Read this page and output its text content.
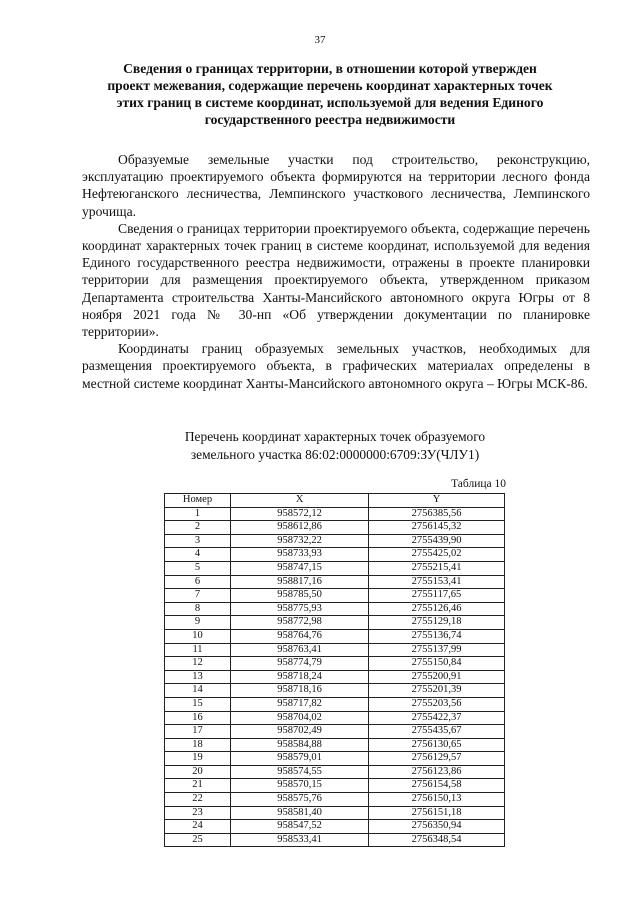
37
Сведения о границах территории, в отношении которой утвержден
проект межевания, содержащие перечень координат характерных точек
этих границ в системе координат, используемой для ведения Единого
государственного реестра недвижимости

Образуемые земельные участки под строительство, реконструкцию, эксплуатацию проектируемого объекта формируются на территории лесного фонда Нефтеюганского лесничества, Лемпинского участкового лесничества, Лемпинского урочища.

Сведения о границах территории проектируемого объекта, содержащие перечень координат характерных точек границ в системе координат, используемой для ведения Единого государственного реестра недвижимости, отражены в проекте планировки территории для размещения проектируемого объекта, утвержденном приказом Департамента строительства Ханты-Мансийского автономного округа Югры от 8 ноября 2021 года № 30-нп «Об утверждении документации по планировке территории».

Координаты границ образуемых земельных участков, необходимых для размещения проектируемого объекта, в графических материалах определены в местной системе координат Ханты-Мансийского автономного округа – Югры МСК-86.

Перечень координат характерных точек образуемого
земельного участка 86:02:0000000:6709:ЗУ(ЧЛУ1)
Таблица 10
Номер	X	Y
1	958572,12	2756385,56
2	958612,86	2756145,32
3	958732,22	2755439,90
4	958733,93	2755425,02
5	958747,15	2755215,41
6	958817,16	2755153,41
7	958785,50	2755117,65
8	958775,93	2755126,46
9	958772,98	2755129,18
10	958764,76	2755136,74
11	958763,41	2755137,99
12	958774,79	2755150,84
13	958718,24	2755200,91
14	958718,16	2755201,39
15	958717,82	2755203,56
16	958704,02	2755422,37
17	958702,49	2755435,67
18	958584,88	2756130,65
19	958579,01	2756129,57
20	958574,55	2756123,86
21	958570,15	2756154,58
22	958575,76	2756150,13
23	958581,40	2756151,18
24	958547,52	2756350,94
25	958533,41	2756348,54
